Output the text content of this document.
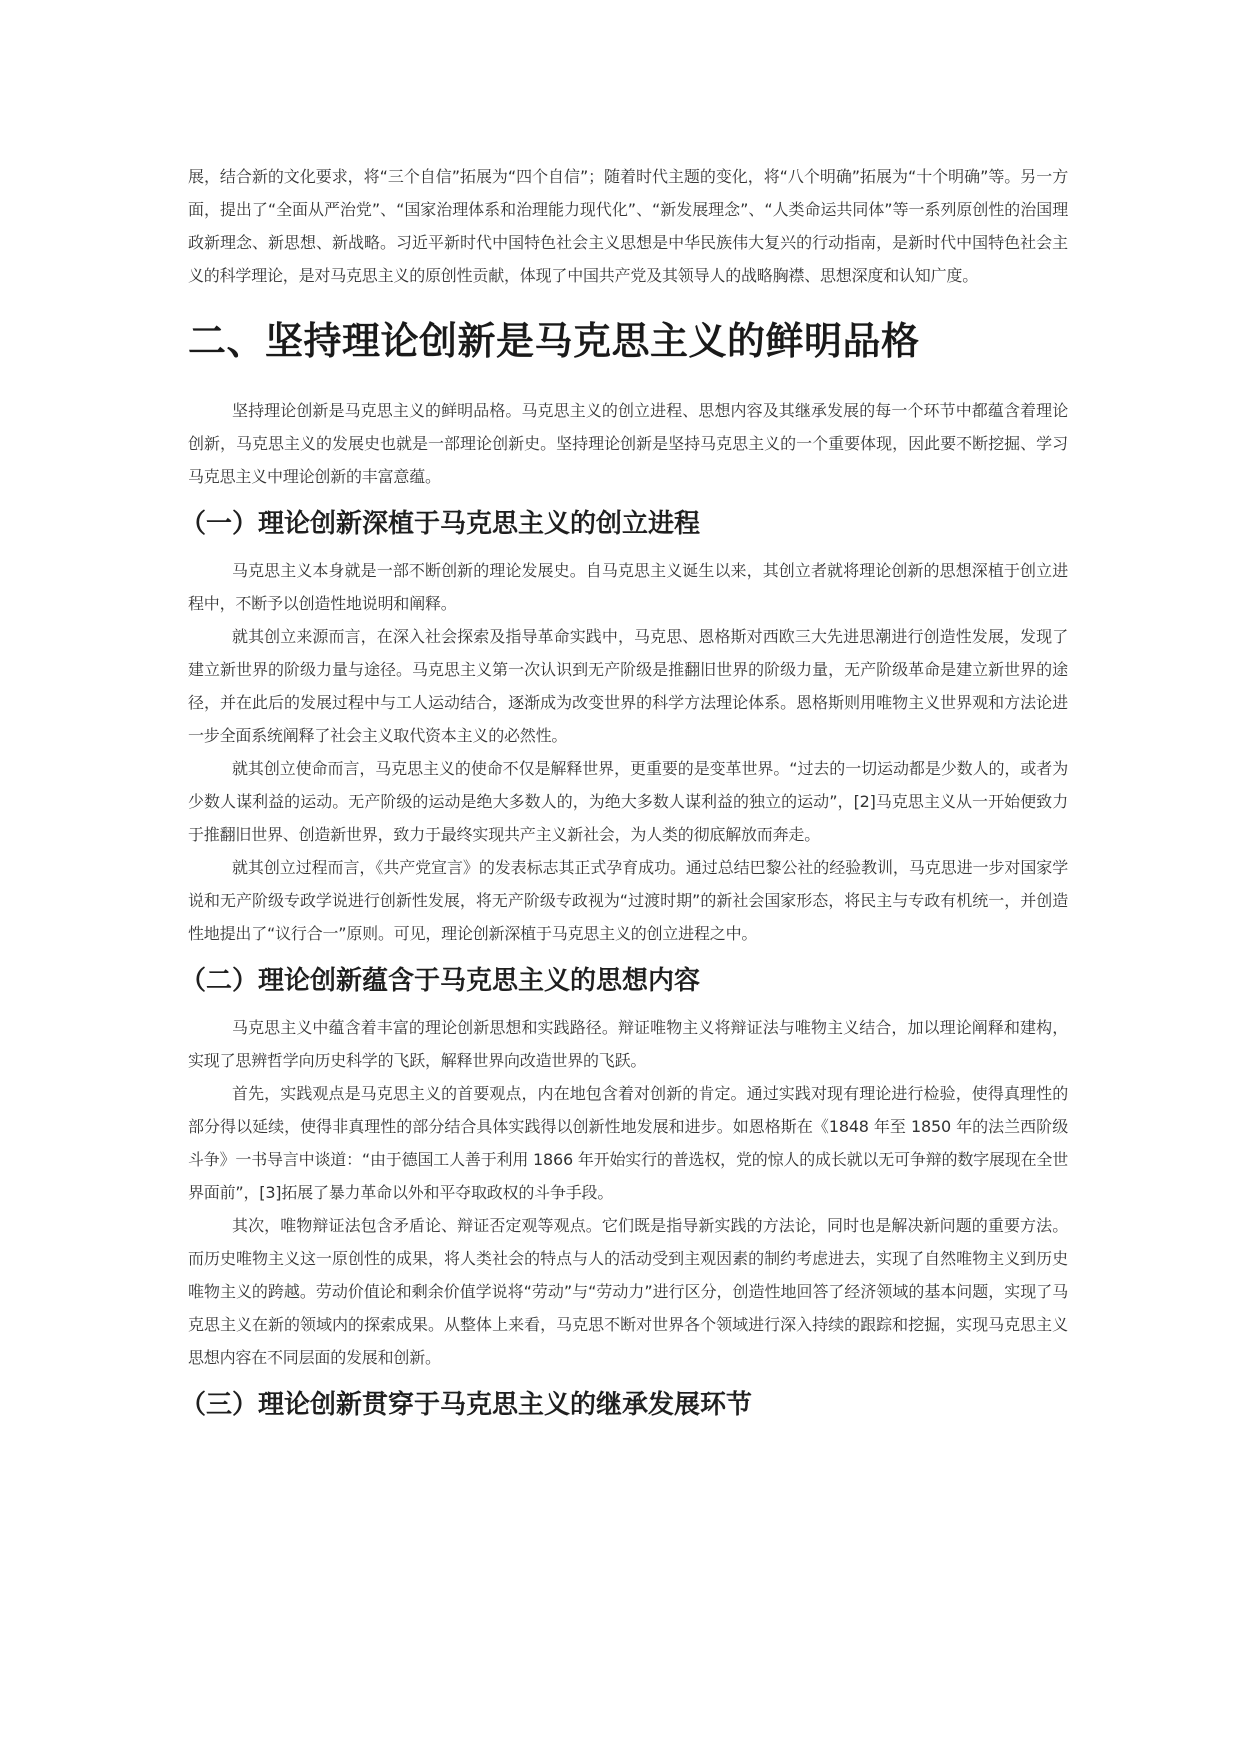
展，结合新的文化要求，将“三个自信”拓展为“四个自信”；随着时代主题的变化，将“八个明确”拓展为“十个明确”等。另一方面，提出了“全面从严治党”、“国家治理体系和治理能力现代化”、“新发展理念”、“人类命运共同体”等一系列原创性的治国理政新理念、新思想、新战略。习近平新时代中国特色社会主义思想是中华民族伟大复兴的行动指南，是新时代中国特色社会主义的科学理论，是对马克思主义的原创性贡献，体现了中国共产党及其领导人的战略胸襟、思想深度和认知广度。

二、坚持理论创新是马克思主义的鲜明品格

坚持理论创新是马克思主义的鲜明品格。马克思主义的创立进程、思想内容及其继承发展的每一个环节中都蕴含着理论创新，马克思主义的发展史也就是一部理论创新史。坚持理论创新是坚持马克思主义的一个重要体现，因此要不断挖掘、学习马克思主义中理论创新的丰富意蕴。

（一）理论创新深植于马克思主义的创立进程

马克思主义本身就是一部不断创新的理论发展史。自马克思主义诞生以来，其创立者就将理论创新的思想深植于创立进程中，不断予以创造性地说明和阐释。

就其创立来源而言，在深入社会探索及指导革命实践中，马克思、恩格斯对西欧三大先进思潮进行创造性发展，发现了建立新世界的阶级力量与途径。马克思主义第一次认识到无产阶级是推翻旧世界的阶级力量，无产阶级革命是建立新世界的途径，并在此后的发展过程中与工人运动结合，逐渐成为改变世界的科学方法理论体系。恩格斯则用唯物主义世界观和方法论进一步全面系统阐释了社会主义取代资本主义的必然性。

就其创立使命而言，马克思主义的使命不仅是解释世界，更重要的是变革世界。“过去的一切运动都是少数人的，或者为少数人谋利益的运动。无产阶级的运动是绝大多数人的，为绝大多数人谋利益的独立的运动”，[2]马克思主义从一开始便致力于推翻旧世界、创造新世界，致力于最终实现共产主义新社会，为人类的彻底解放而奔走。

就其创立过程而言，《共产党宣言》的发表标志其正式孕育成功。通过总结巴黎公社的经验教训，马克思进一步对国家学说和无产阶级专政学说进行创新性发展，将无产阶级专政视为“过渡时期”的新社会国家形态，将民主与专政有机统一，并创造性地提出了“议行合一”原则。可见，理论创新深植于马克思主义的创立进程之中。

（二）理论创新蕴含于马克思主义的思想内容

马克思主义中蕴含着丰富的理论创新思想和实践路径。辩证唯物主义将辩证法与唯物主义结合，加以理论阐释和建构，实现了思辨哲学向历史科学的飞跃，解释世界向改造世界的飞跃。

首先，实践观点是马克思主义的首要观点，内在地包含着对创新的肯定。通过实践对现有理论进行检验，使得真理性的部分得以延续，使得非真理性的部分结合具体实践得以创新性地发展和进步。如恩格斯在《1848 年至 1850 年的法兰西阶级斗争》一书导言中谈道：“由于德国工人善于利用 1866 年开始实行的普选权，党的惊人的成长就以无可争辩的数字展现在全世界面前”，[3]拓展了暴力革命以外和平夺取政权的斗争手段。

其次，唯物辩证法包含矛盾论、辩证否定观等观点。它们既是指导新实践的方法论，同时也是解决新问题的重要方法。而历史唯物主义这一原创性的成果，将人类社会的特点与人的活动受到主观因素的制约考虑进去，实现了自然唯物主义到历史唯物主义的跨越。劳动价值论和剩余价值学说将“劳动”与“劳动力”进行区分，创造性地回答了经济领域的基本问题，实现了马克思主义在新的领域内的探索成果。从整体上来看，马克思不断对世界各个领域进行深入持续的跟踪和挖掘，实现马克思主义思想内容在不同层面的发展和创新。

（三）理论创新贯穿于马克思主义的继承发展环节
